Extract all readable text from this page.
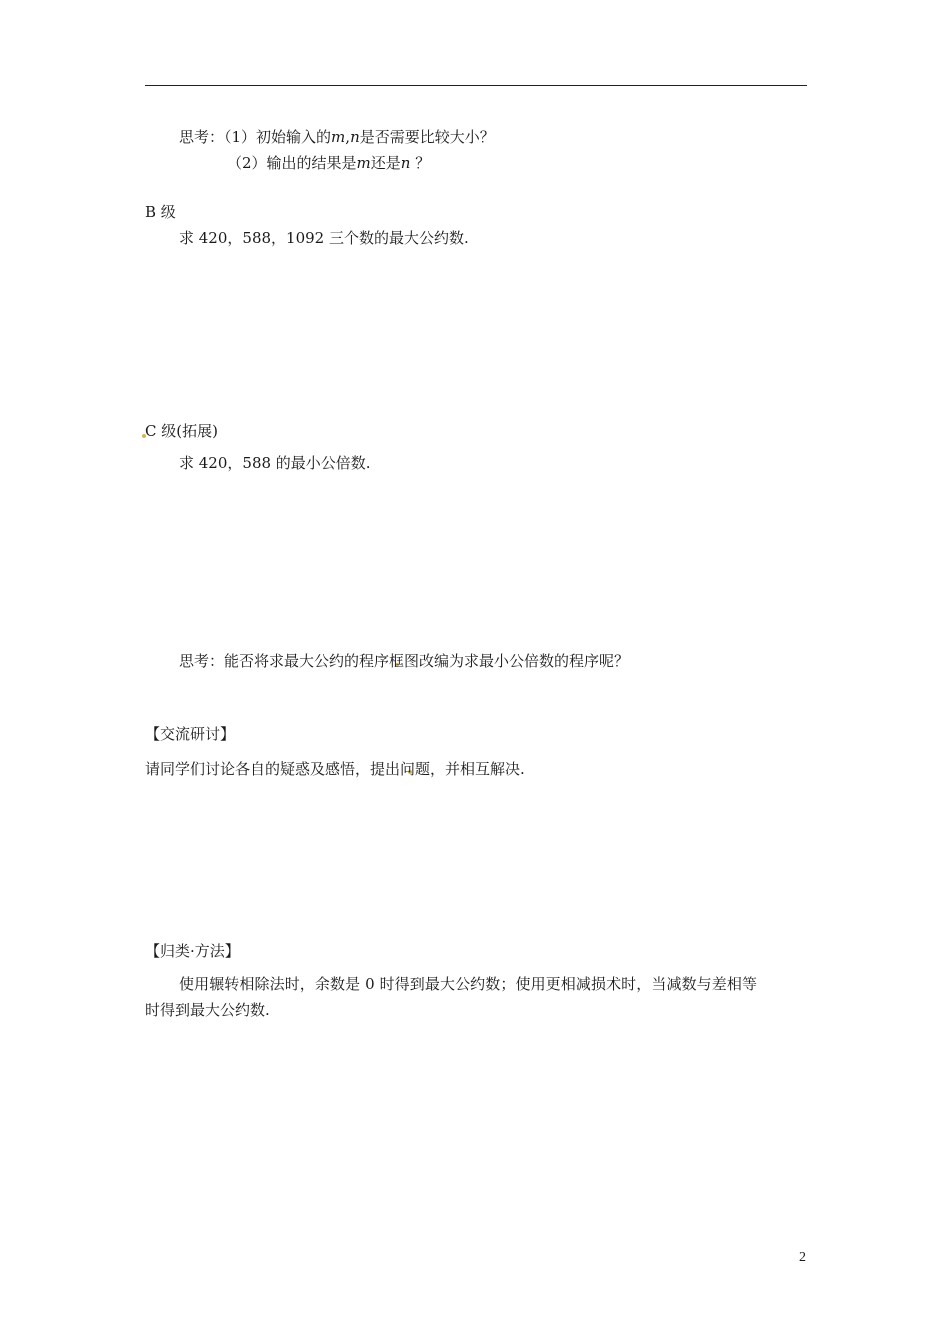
思考：（1）初始输入的m,n是否需要比较大小？
（2）输出的结果是m还是n ？
B 级
求 420，588，1092 三个数的最大公约数.
C 级(拓展)
求 420，588 的最小公倍数.
思考：能否将求最大公约的程序框图改编为求最小公倍数的程序呢？
【交流研讨】
请同学们讨论各自的疑惑及感悟，提出问题，并相互解决.
【归类·方法】
使用辗转相除法时，余数是 0 时得到最大公约数；使用更相减损术时，当减数与差相等
时得到最大公约数.
2
